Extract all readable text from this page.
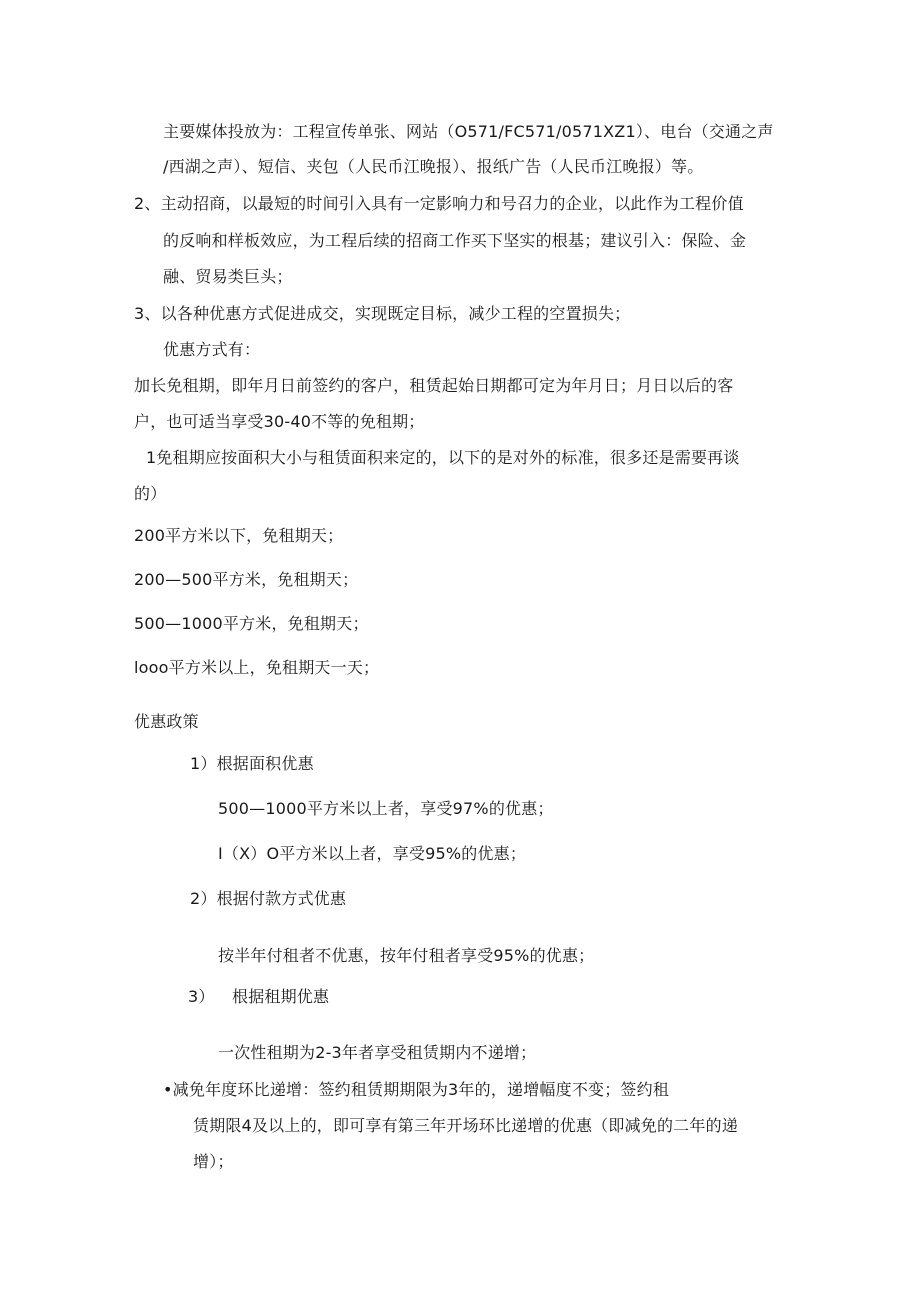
主要媒体投放为：工程宣传单张、网站（O571/FC571/0571XZ1）、电台（交通之声
/西湖之声）、短信、夹包（人民币江晚报）、报纸广告（人民币江晚报）等。
2、主动招商，以最短的时间引入具有一定影响力和号召力的企业，以此作为工程价值
的反响和样板效应，为工程后续的招商工作买下坚实的根基；建议引入：保险、金
融、贸易类巨头；
3、以各种优惠方式促进成交，实现既定目标，减少工程的空置损失；
优惠方式有：
加长免租期，即年月日前签约的客户，租赁起始日期都可定为年月日；月日以后的客
户，也可适当享受30-40不等的免租期；
1免租期应按面积大小与租赁面积来定的，以下的是对外的标准，很多还是需要再谈
的）
200平方米以下，免租期天；
200—500平方米，免租期天；
500—1000平方米，免租期天；
looo平方米以上，免租期天一天；
优惠政策
1）根据面积优惠
500—1000平方米以上者，享受97%的优惠；
I（X）O平方米以上者，享受95%的优惠；
2）根据付款方式优惠
按半年付租者不优惠，按年付租者享受95%的优惠；
3） 根据租期优惠
一次性租期为2-3年者享受租赁期内不递增；
•减免年度环比递增：签约租赁期期限为3年的，递增幅度不变；签约租
赁期限4及以上的，即可享有第三年开场环比递增的优惠（即减免的二年的递
增）；
